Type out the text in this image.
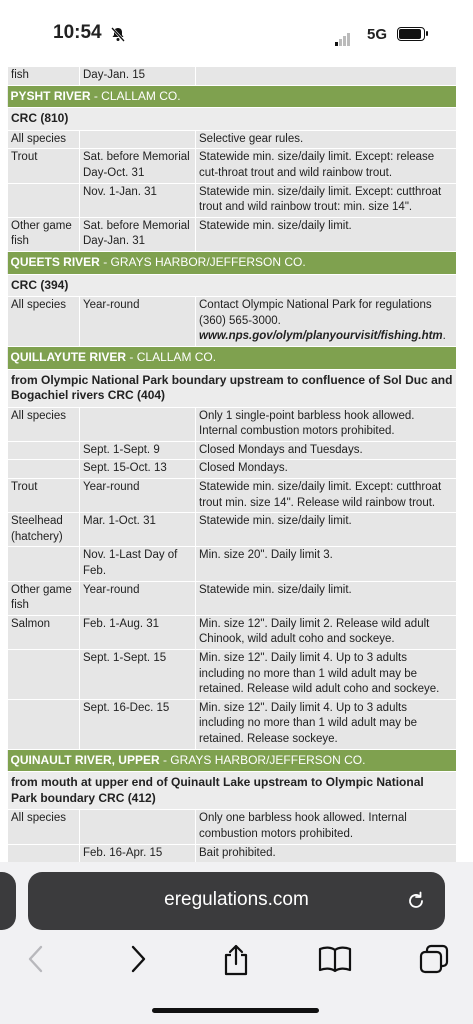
10:54	5G
fish	Day-Jan. 15	
PYSHT RIVER - CLALLAM CO.		
CRC (810)		
All species		Selective gear rules.
Trout	Sat. before Memorial Day-Oct. 31	Statewide min. size/daily limit. Except: release cut-throat trout and wild rainbow trout.
	Nov. 1-Jan. 31	Statewide min. size/daily limit. Except: cutthroat trout and wild rainbow trout: min. size 14".
Other game fish	Sat. before Memorial Day-Jan. 31	Statewide min. size/daily limit.
QUEETS RIVER - GRAYS HARBOR/JEFFERSON CO.		
CRC (394)		
All species	Year-round	Contact Olympic National Park for regulations (360) 565-3000. www.nps.gov/olym/planyourvisit/fishing.htm.
QUILLAYUTE RIVER - CLALLAM CO.		
from Olympic National Park boundary upstream to confluence of Sol Duc and Bogachiel rivers CRC (404)		
All species		Only 1 single-point barbless hook allowed. Internal combustion motors prohibited.
	Sept. 1-Sept. 9	Closed Mondays and Tuesdays.
	Sept. 15-Oct. 13	Closed Mondays.
Trout	Year-round	Statewide min. size/daily limit. Except: cutthroat trout min. size 14". Release wild rainbow trout.
Steelhead (hatchery)	Mar. 1-Oct. 31	Statewide min. size/daily limit.
	Nov. 1-Last Day of Feb.	Min. size 20". Daily limit 3.
Other game fish	Year-round	Statewide min. size/daily limit.
Salmon	Feb. 1-Aug. 31	Min. size 12". Daily limit 2. Release wild adult Chinook, wild adult coho and sockeye.
	Sept. 1-Sept. 15	Min. size 12". Daily limit 4. Up to 3 adults including no more than 1 wild adult may be retained. Release wild adult coho and sockeye.
	Sept. 16-Dec. 15	Min. size 12". Daily limit 4. Up to 3 adults including no more than 1 wild adult may be retained. Release sockeye.
QUINAULT RIVER, UPPER - GRAYS HARBOR/JEFFERSON CO.		
from mouth at upper end of Quinault Lake upstream to Olympic National Park boundary CRC (412)		
All species		Only one barbless hook allowed. Internal combustion motors prohibited.
	Feb. 16-Apr. 15	Bait prohibited.

eregulations.com
